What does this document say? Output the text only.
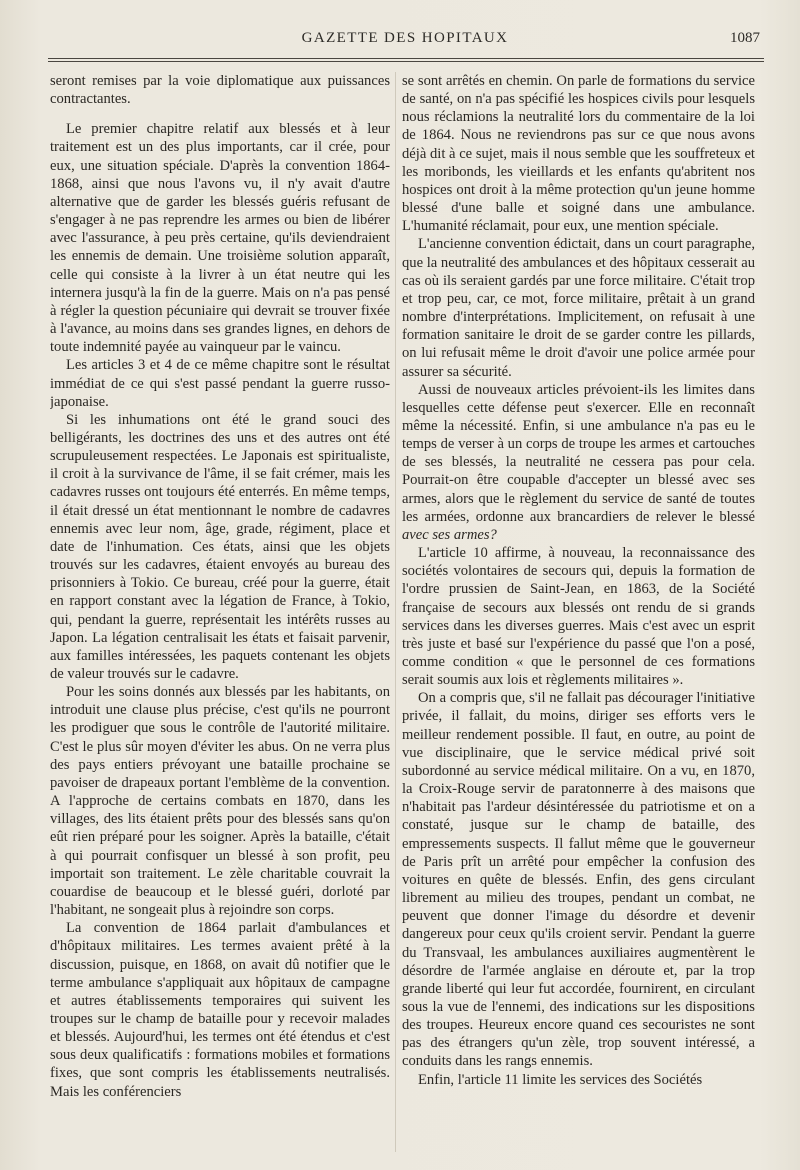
GAZETTE DES HOPITAUX	1087

seront remises par la voie diplomatique aux puissances contractantes.

Le premier chapitre relatif aux blessés et à leur traitement est un des plus importants, car il crée, pour eux, une situation spéciale. D'après la convention 1864-1868, ainsi que nous l'avons vu, il n'y avait d'autre alternative que de garder les blessés guéris refusant de s'engager à ne pas reprendre les armes ou bien de libérer avec l'assurance, à peu près certaine, qu'ils deviendraient les ennemis de demain. Une troisième solution apparaît, celle qui consiste à la livrer à un état neutre qui les internera jusqu'à la fin de la guerre. Mais on n'a pas pensé à régler la question pécuniaire qui devrait se trouver fixée à l'avance, au moins dans ses grandes lignes, en dehors de toute indemnité payée au vainqueur par le vaincu.

Les articles 3 et 4 de ce même chapitre sont le résultat immédiat de ce qui s'est passé pendant la guerre russo-japonaise.

Si les inhumations ont été le grand souci des belligérants, les doctrines des uns et des autres ont été scrupuleusement respectées. Le Japonais est spiritualiste, il croit à la survivance de l'âme, il se fait crémer, mais les cadavres russes ont toujours été enterrés. En même temps, il était dressé un état mentionnant le nombre de cadavres ennemis avec leur nom, âge, grade, régiment, place et date de l'inhumation. Ces états, ainsi que les objets trouvés sur les cadavres, étaient envoyés au bureau des prisonniers à Tokio. Ce bureau, créé pour la guerre, était en rapport constant avec la légation de France, à Tokio, qui, pendant la guerre, représentait les intérêts russes au Japon. La légation centralisait les états et faisait parvenir, aux familles intéressées, les paquets contenant les objets de valeur trouvés sur le cadavre.

Pour les soins donnés aux blessés par les habitants, on introduit une clause plus précise, c'est qu'ils ne pourront les prodiguer que sous le contrôle de l'autorité militaire. C'est le plus sûr moyen d'éviter les abus. On ne verra plus des pays entiers prévoyant une bataille prochaine se pavoiser de drapeaux portant l'emblème de la convention. A l'approche de certains combats en 1870, dans les villages, des lits étaient prêts pour des blessés sans qu'on eût rien préparé pour les soigner. Après la bataille, c'était à qui pourrait confisquer un blessé à son profit, peu importait son traitement. Le zèle charitable couvrait la couardise de beaucoup et le blessé guéri, dorloté par l'habitant, ne songeait plus à rejoindre son corps.

La convention de 1864 parlait d'ambulances et d'hôpitaux militaires. Les termes avaient prêté à la discussion, puisque, en 1868, on avait dû notifier que le terme ambulance s'appliquait aux hôpitaux de campagne et autres établissements temporaires qui suivent les troupes sur le champ de bataille pour y recevoir malades et blessés. Aujourd'hui, les termes ont été étendus et c'est sous deux qualificatifs : formations mobiles et formations fixes, que sont compris les établissements neutralisés. Mais les conférenciers

se sont arrêtés en chemin. On parle de formations du service de santé, on n'a pas spécifié les hospices civils pour lesquels nous réclamions la neutralité lors du commentaire de la loi de 1864. Nous ne reviendrons pas sur ce que nous avons déjà dit à ce sujet, mais il nous semble que les souffreteux et les moribonds, les vieillards et les enfants qu'abritent nos hospices ont droit à la même protection qu'un jeune homme blessé d'une balle et soigné dans une ambulance. L'humanité réclamait, pour eux, une mention spéciale.

L'ancienne convention édictait, dans un court paragraphe, que la neutralité des ambulances et des hôpitaux cesserait au cas où ils seraient gardés par une force militaire. C'était trop et trop peu, car, ce mot, force militaire, prêtait à un grand nombre d'interprétations. Implicitement, on refusait à une formation sanitaire le droit de se garder contre les pillards, on lui refusait même le droit d'avoir une police armée pour assurer sa sécurité.

Aussi de nouveaux articles prévoient-ils les limites dans lesquelles cette défense peut s'exercer. Elle en reconnaît même la nécessité. Enfin, si une ambulance n'a pas eu le temps de verser à un corps de troupe les armes et cartouches de ses blessés, la neutralité ne cessera pas pour cela. Pourrait-on être coupable d'accepter un blessé avec ses armes, alors que le règlement du service de santé de toutes les armées, ordonne aux brancardiers de relever le blessé avec ses armes?

L'article 10 affirme, à nouveau, la reconnaissance des sociétés volontaires de secours qui, depuis la formation de l'ordre prussien de Saint-Jean, en 1863, de la Société française de secours aux blessés ont rendu de si grands services dans les diverses guerres. Mais c'est avec un esprit très juste et basé sur l'expérience du passé que l'on a posé, comme condition « que le personnel de ces formations serait soumis aux lois et règlements militaires ».

On a compris que, s'il ne fallait pas décourager l'initiative privée, il fallait, du moins, diriger ses efforts vers le meilleur rendement possible. Il faut, en outre, au point de vue disciplinaire, que le service médical privé soit subordonné au service médical militaire. On a vu, en 1870, la Croix-Rouge servir de paratonnerre à des maisons que n'habitait pas l'ardeur désintéressée du patriotisme et on a constaté, jusque sur le champ de bataille, des empressements suspects. Il fallut même que le gouverneur de Paris prît un arrêté pour empêcher la confusion des voitures en quête de blessés. Enfin, des gens circulant librement au milieu des troupes, pendant un combat, ne peuvent que donner l'image du désordre et devenir dangereux pour ceux qu'ils croient servir. Pendant la guerre du Transvaal, les ambulances auxiliaires augmentèrent le désordre de l'armée anglaise en déroute et, par la trop grande liberté qui leur fut accordée, fournirent, en circulant sous la vue de l'ennemi, des indications sur les dispositions des troupes. Heureux encore quand ces secouristes ne sont pas des étrangers qu'un zèle, trop souvent intéressé, a conduits dans les rangs ennemis.

Enfin, l'article 11 limite les services des Sociétés
